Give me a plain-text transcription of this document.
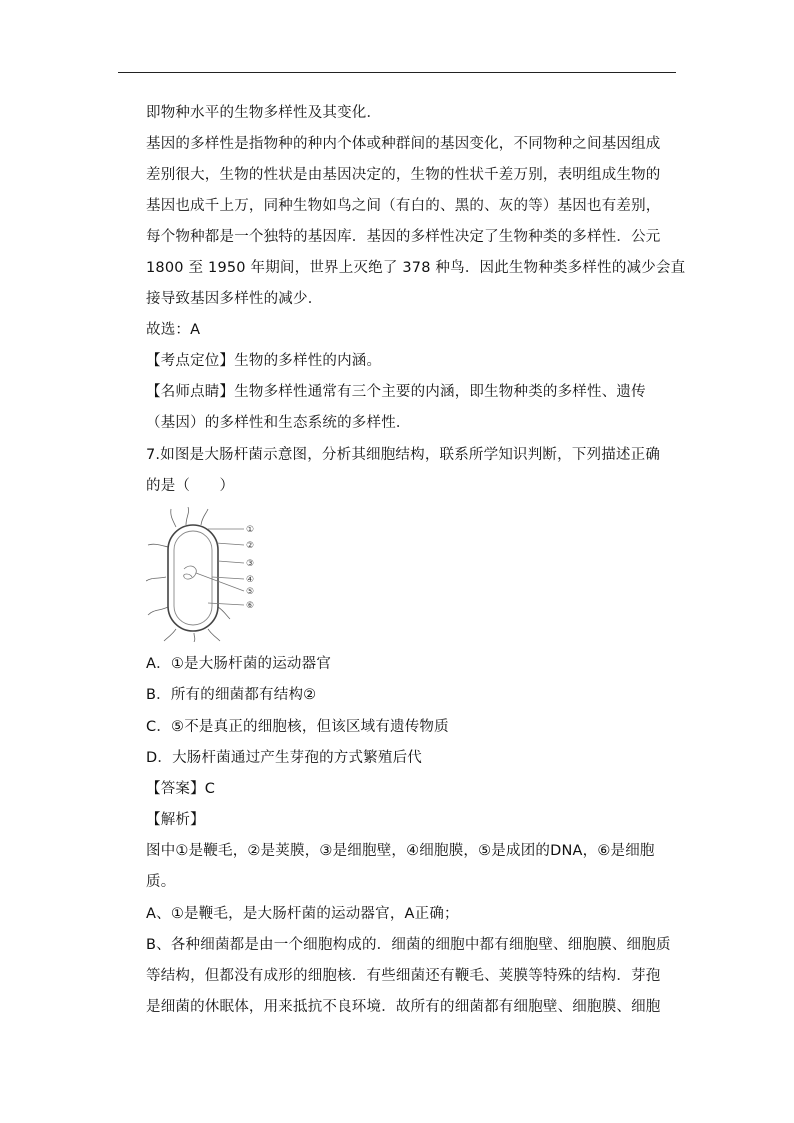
即物种水平的生物多样性及其变化．
基因的多样性是指物种的种内个体或种群间的基因变化，不同物种之间基因组成
差别很大，生物的性状是由基因决定的，生物的性状千差万别，表明组成生物的
基因也成千上万，同种生物如鸟之间（有白的、黑的、灰的等）基因也有差别，
每个物种都是一个独特的基因库．基因的多样性决定了生物种类的多样性．公元
1800 至 1950 年期间，世界上灭绝了 378 种鸟．因此生物种类多样性的减少会直
接导致基因多样性的减少．
故选：A
【考点定位】生物的多样性的内涵。
【名师点睛】生物多样性通常有三个主要的内涵，即生物种类的多样性、遗传
（基因）的多样性和生态系统的多样性．
7.如图是大肠杆菌示意图，分析其细胞结构，联系所学知识判断，下列描述正确
的是（　　）
①
②
③
④
⑤
⑥
A．①是大肠杆菌的运动器官
B．所有的细菌都有结构②
C．⑤不是真正的细胞核，但该区域有遗传物质
D．大肠杆菌通过产生芽孢的方式繁殖后代
【答案】C
【解析】
图中①是鞭毛，②是荚膜，③是细胞壁，④细胞膜，⑤是成团的DNA，⑥是细胞
质。
A、①是鞭毛，是大肠杆菌的运动器官，A正确；
B、各种细菌都是由一个细胞构成的．细菌的细胞中都有细胞壁、细胞膜、细胞质
等结构，但都没有成形的细胞核．有些细菌还有鞭毛、荚膜等特殊的结构．芽孢
是细菌的休眠体，用来抵抗不良环境．故所有的细菌都有细胞壁、细胞膜、细胞
